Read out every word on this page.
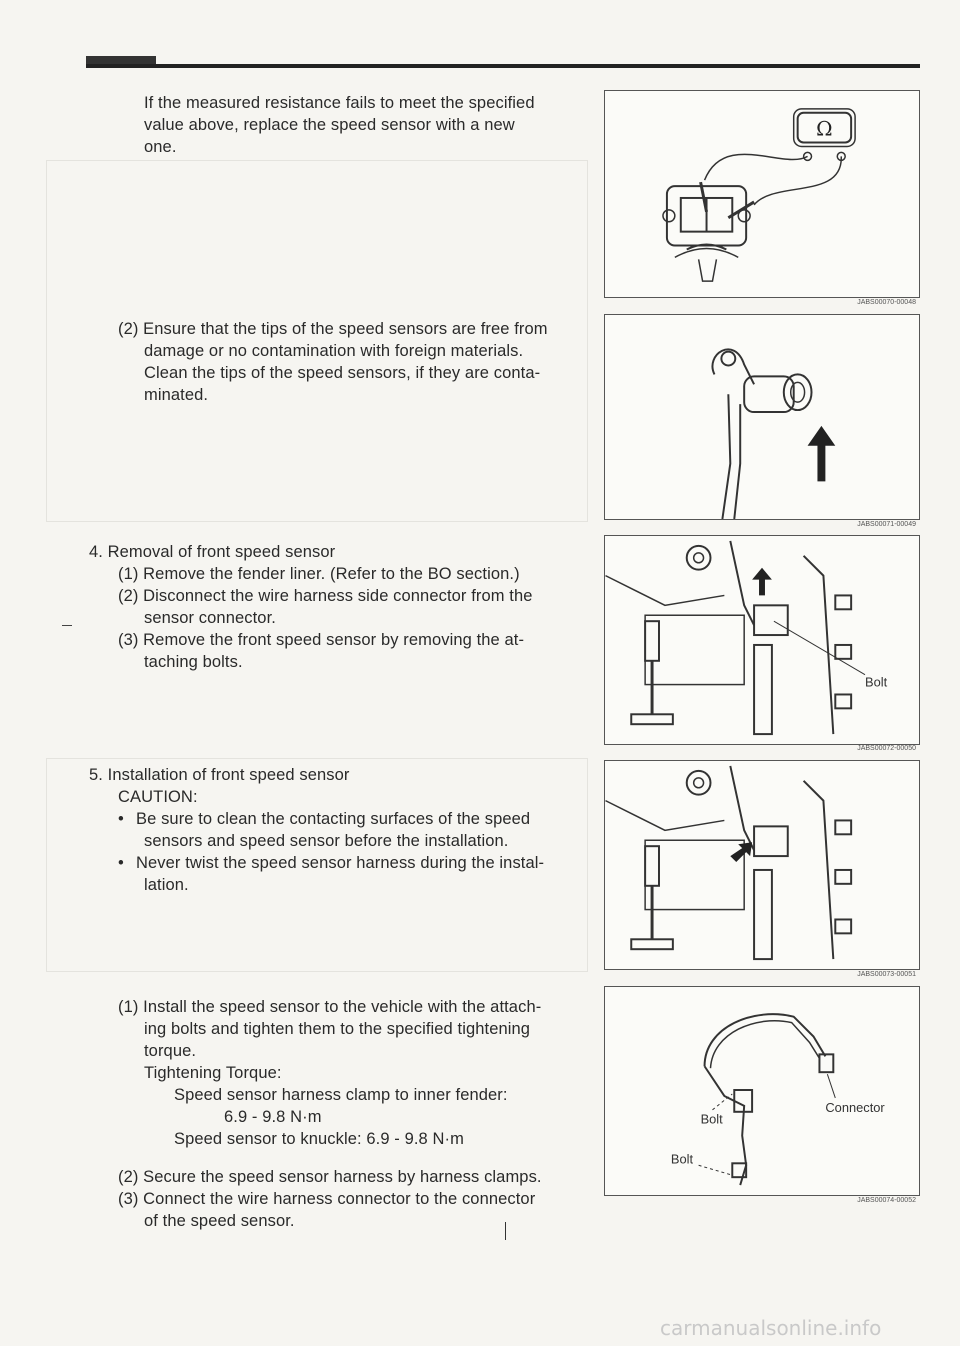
If the measured resistance fails to meet the specified
value above, replace the speed sensor with a new
one.
(2) Ensure that the tips of the speed sensors are free from
damage or no contamination with foreign materials.
Clean the tips of the speed sensors, if they are conta-
minated.
4. Removal of front speed sensor
(1) Remove the fender liner. (Refer to the BO section.)
(2) Disconnect the wire harness side connector from the
sensor connector.
(3) Remove the front speed sensor by removing the at-
taching bolts.
5. Installation of front speed sensor
CAUTION:
• Be sure to clean the contacting surfaces of the speed
sensors and speed sensor before the installation.
• Never twist the speed sensor harness during the instal-
lation.
(1) Install the speed sensor to the vehicle with the attach-
ing bolts and tighten them to the specified tightening
torque.
Tightening Torque:
Speed sensor harness clamp to inner fender:
6.9 - 9.8 N·m
Speed sensor to knuckle: 6.9 - 9.8 N·m
(2) Secure the speed sensor harness by harness clamps.
(3) Connect the wire harness connector to the connector
of the speed sensor.
Ω
JABS00070-00048
JABS00071-00049
Bolt
JABS00072-00050
JABS00073-00051
Connector
Bolt
Bolt
JABS00074-00052
carmanualsonline.info
